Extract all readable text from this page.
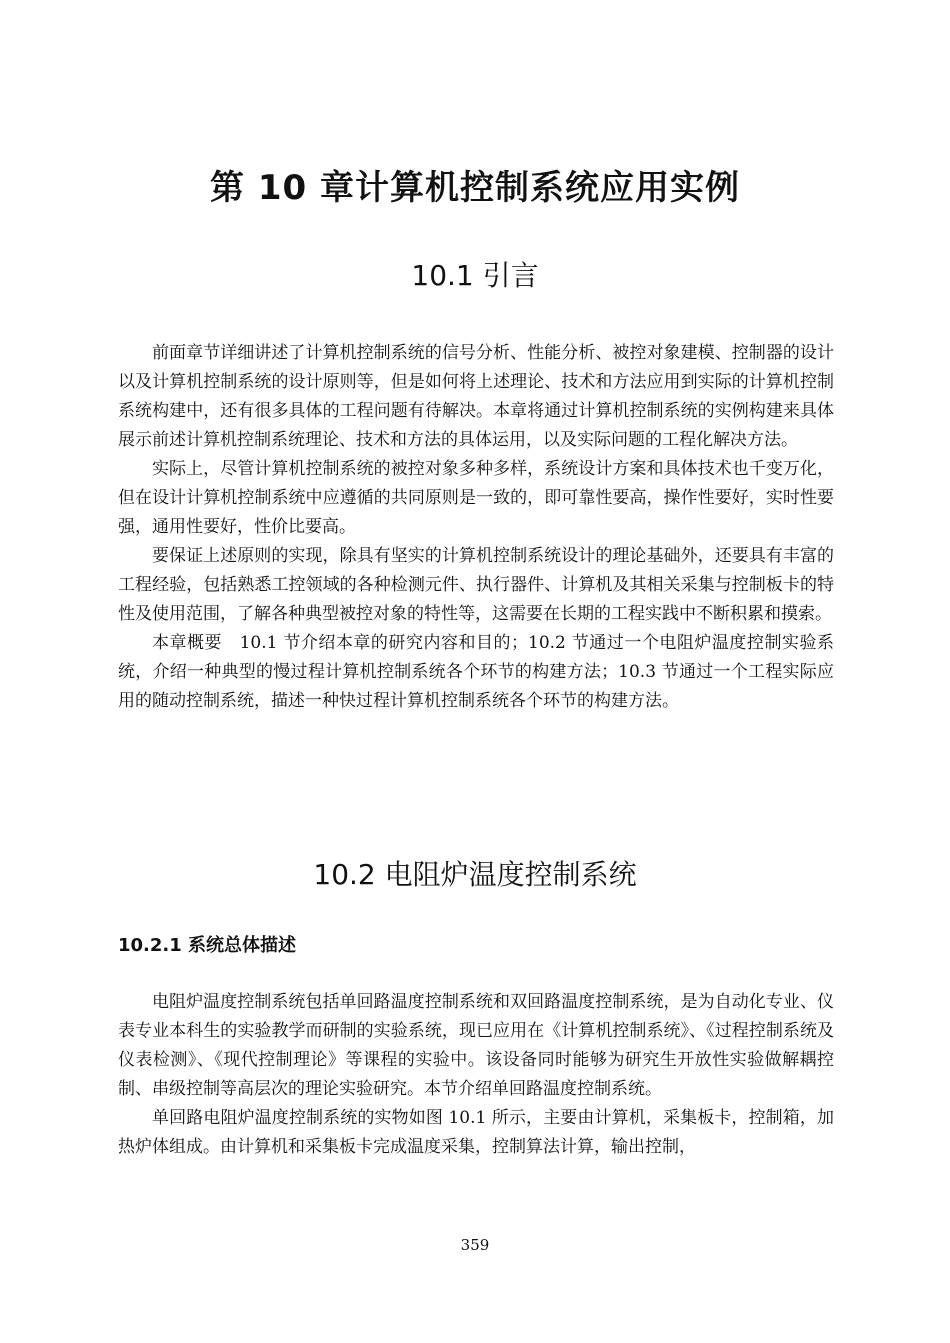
第 10 章计算机控制系统应用实例
10.1 引言

前面章节详细讲述了计算机控制系统的信号分析、性能分析、被控对象建模、控制器的设计以及计算机控制系统的设计原则等，但是如何将上述理论、技术和方法应用到实际的计算机控制系统构建中，还有很多具体的工程问题有待解决。本章将通过计算机控制系统的实例构建来具体展示前述计算机控制系统理论、技术和方法的具体运用，以及实际问题的工程化解决方法。

实际上，尽管计算机控制系统的被控对象多种多样，系统设计方案和具体技术也千变万化，但在设计计算机控制系统中应遵循的共同原则是一致的，即可靠性要高，操作性要好，实时性要强，通用性要好，性价比要高。

要保证上述原则的实现，除具有坚实的计算机控制系统设计的理论基础外，还要具有丰富的工程经验，包括熟悉工控领域的各种检测元件、执行器件、计算机及其相关采集与控制板卡的特性及使用范围，了解各种典型被控对象的特性等，这需要在长期的工程实践中不断积累和摸索。

本章概要　10.1 节介绍本章的研究内容和目的；10.2 节通过一个电阻炉温度控制实验系统，介绍一种典型的慢过程计算机控制系统各个环节的构建方法；10.3 节通过一个工程实际应用的随动控制系统，描述一种快过程计算机控制系统各个环节的构建方法。

10.2 电阻炉温度控制系统
10.2.1 系统总体描述

电阻炉温度控制系统包括单回路温度控制系统和双回路温度控制系统，是为自动化专业、仪表专业本科生的实验教学而研制的实验系统，现已应用在《计算机控制系统》、《过程控制系统及仪表检测》、《现代控制理论》等课程的实验中。该设备同时能够为研究生开放性实验做解耦控制、串级控制等高层次的理论实验研究。本节介绍单回路温度控制系统。

单回路电阻炉温度控制系统的实物如图 10.1 所示，主要由计算机，采集板卡，控制箱，加热炉体组成。由计算机和采集板卡完成温度采集，控制算法计算，输出控制，

359
